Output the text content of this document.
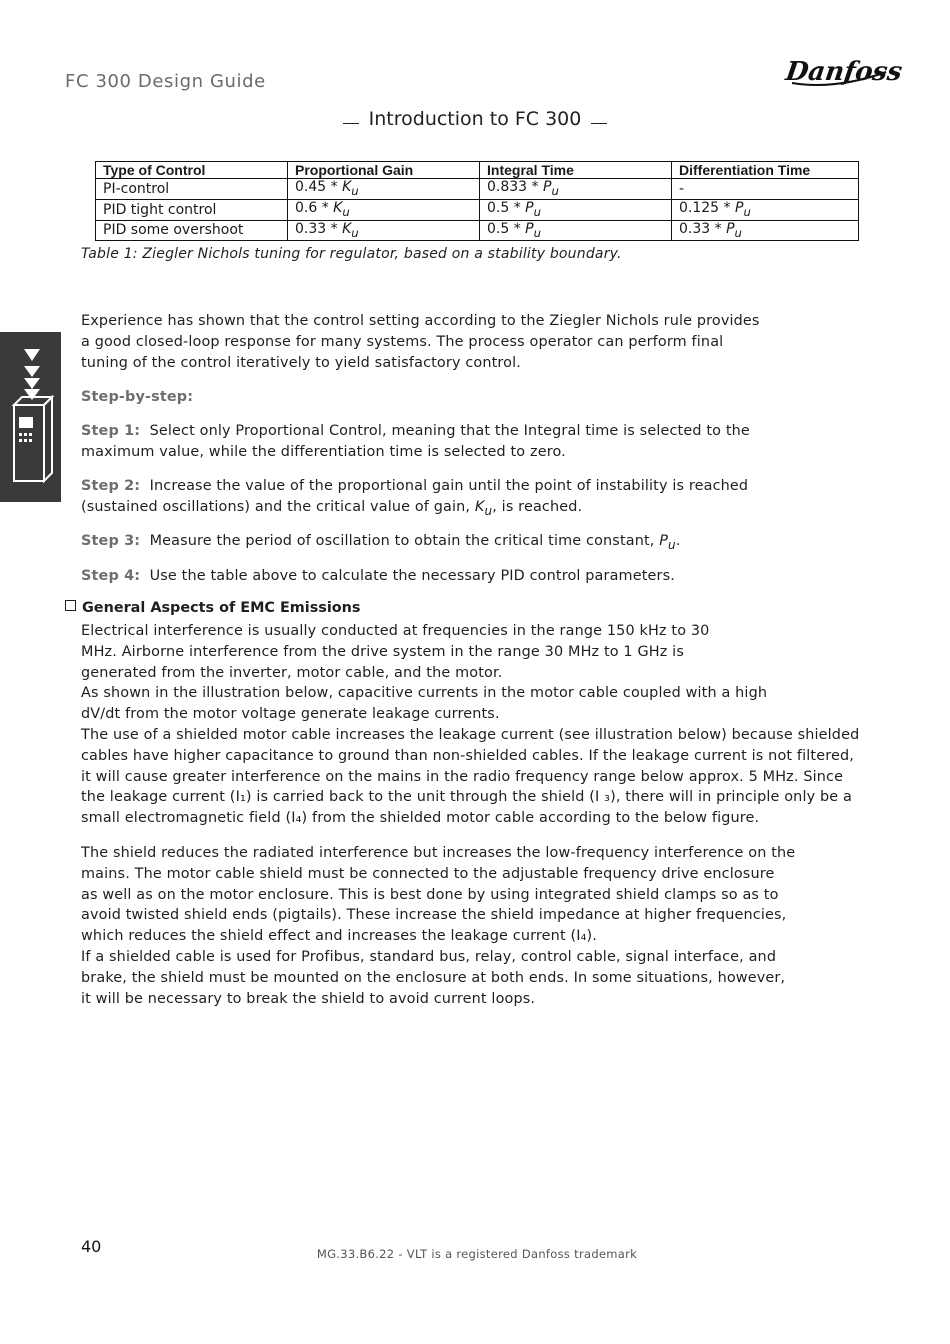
FC 300 Design Guide	Danfoss
Introduction to FC 300
Type of Control	Proportional Gain	Integral Time	Differentiation Time
PI-control	$0.45 * K_u$	$0.833 * P_u$	-
PID tight control	$0.6 * K_u$	$0.5 * P_u$	$0.125 * P_u$
PID some overshoot	$0.33 * K_u$	$0.5 * P_u$	$0.33 * P_u$
Table 1: Ziegler Nichols tuning for regulator, based on a stability boundary.

Experience has shown that the control setting according to the Ziegler Nichols rule provides a good closed-loop response for many systems. The process operator can perform final tuning of the control iteratively to yield satisfactory control.

Step-by-step:
Step 1: Select only Proportional Control, meaning that the Integral time is selected to the maximum value, while the differentiation time is selected to zero.
Step 2: Increase the value of the proportional gain until the point of instability is reached (sustained oscillations) and the critical value of gain, $K_u$, is reached.
Step 3: Measure the period of oscillation to obtain the critical time constant, $P_u$.
Step 4: Use the table above to calculate the necessary PID control parameters.
General Aspects of EMC Emissions

Electrical interference is usually conducted at frequencies in the range 150 kHz to 30

MHz. Airborne interference from the drive system in the range 30 MHz to 1 GHz is

generated from the inverter, motor cable, and the motor.

As shown in the illustration below, capacitive currents in the motor cable coupled with a high

dV/dt from the motor voltage generate leakage currents.

The use of a shielded motor cable increases the leakage current (see illustration below) because shielded

cables have higher capacitance to ground than non-shielded cables. If the leakage current is not filtered,

it will cause greater interference on the mains in the radio frequency range below approx. 5 MHz. Since

the leakage current (I₁) is carried back to the unit through the shield (I ₃), there will in principle only be a

small electromagnetic field (I₄) from the shielded motor cable according to the below figure.

The shield reduces the radiated interference but increases the low-frequency interference on the

mains. The motor cable shield must be connected to the adjustable frequency drive enclosure

as well as on the motor enclosure. This is best done by using integrated shield clamps so as to

avoid twisted shield ends (pigtails). These increase the shield impedance at higher frequencies,

which reduces the shield effect and increases the leakage current (I₄).

If a shielded cable is used for Profibus, standard bus, relay, control cable, signal interface, and

brake, the shield must be mounted on the enclosure at both ends. In some situations, however,

it will be necessary to break the shield to avoid current loops.

40	MG.33.B6.22 - VLT is a registered Danfoss trademark
